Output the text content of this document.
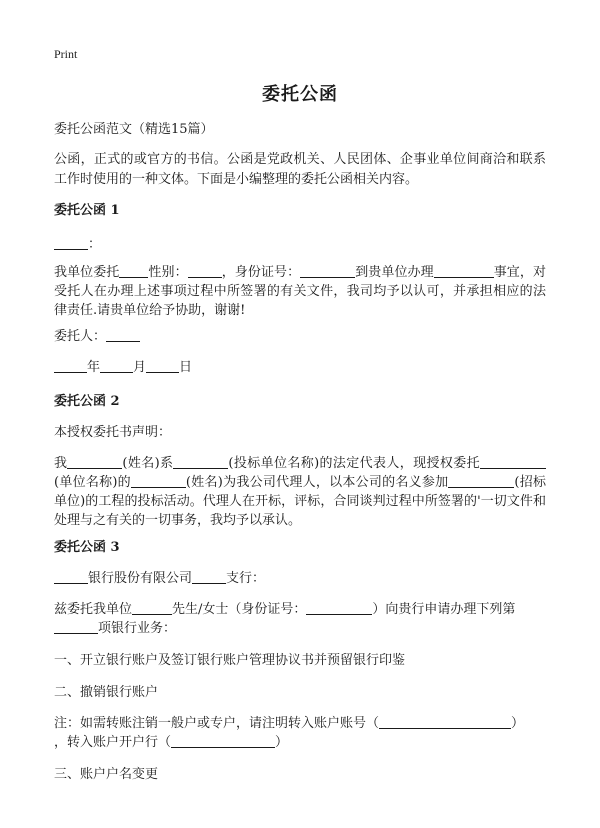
Print
委托公函
委托公函范文（精选15篇）
公函，正式的或官方的书信。公函是党政机关、人民团体、企事业单位间商洽和联系工作时使用的一种文体。下面是小编整理的委托公函相关内容。
委托公函 1
：
我单位委托 性别：	，身份证号：	到贵单位办理	事宜，对受托人在办理上述事项过程中所签署的有关文件，我司均予以认可，并承担相应的法律责任.请贵单位给予协助，谢谢!
委托人：
年	月	日
委托公函 2
本授权委托书声明：
我	(姓名)系	(投标单位名称)的法定代表人，现授权委托(单位名称)的	(姓名)为我公司代理人，以本公司的名义参加	(招标单位)的工程的投标活动。代理人在开标，评标，合同谈判过程中所签署的'一切文件和处理与之有关的一切事务，我均予以承认。
委托公函 3
银行股份有限公司	支行：
兹委托我单位	先生/女士（身份证号：	）向贵行申请办理下列第
项银行业务：
一、开立银行账户及签订银行账户管理协议书并预留银行印鉴
二、撤销银行账户
注：如需转账注销一般户或专户，请注明转入账户账号（	）
，转入账户开户行（	）
三、账户户名变更
